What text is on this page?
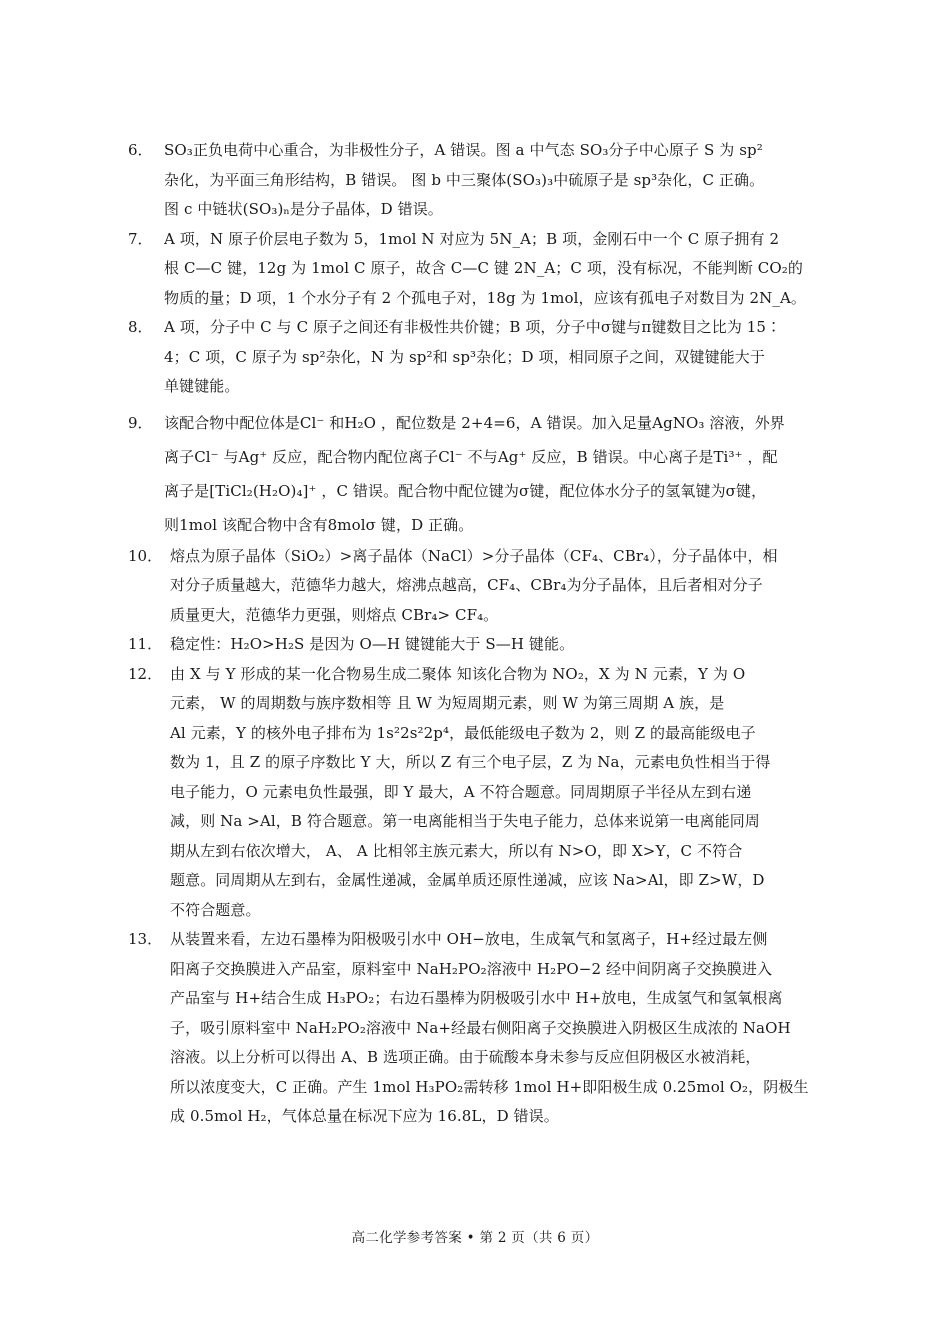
6． SO₃正负电荷中心重合，为非极性分子，A 错误。图 a 中气态 SO₃分子中心原子 S 为 sp²
杂化，为平面三角形结构，B 错误。 图 b 中三聚体(SO₃)₃中硫原子是 sp³杂化，C 正确。
图 c 中链状(SO₃)ₙ是分子晶体，D 错误。
7． A 项，N 原子价层电子数为 5，1mol N 对应为 5N_A；B 项，金刚石中一个 C 原子拥有 2
根 C—C 键，12g 为 1mol C 原子，故含 C—C 键 2N_A；C 项，没有标况，不能判断 CO₂的
物质的量；D 项，1 个水分子有 2 个孤电子对，18g 为 1mol，应该有孤电子对数目为 2N_A。
8． A 项，分子中 C 与 C 原子之间还有非极性共价键；B 项，分子中σ键与π键数目之比为 15∶
4；C 项，C 原子为 sp²杂化，N 为 sp²和 sp³杂化；D 项，相同原子之间，双键键能大于
单键键能。
9． 该配合物中配位体是Cl⁻ 和H₂O ，配位数是 2+4=6，A 错误。加入足量AgNO₃ 溶液，外界
离子Cl⁻ 与Ag⁺ 反应，配合物内配位离子Cl⁻ 不与Ag⁺ 反应，B 错误。中心离子是Ti³⁺ ，配
离子是[TiCl₂(H₂O)₄]⁺ ，C 错误。配合物中配位键为σ键，配位体水分子的氢氧键为σ键，
则1mol 该配合物中含有8molσ 键，D 正确。
10． 熔点为原子晶体（SiO₂）>离子晶体（NaCl）>分子晶体（CF₄、CBr₄），分子晶体中，相
对分子质量越大，范德华力越大，熔沸点越高，CF₄、CBr₄为分子晶体，且后者相对分子
质量更大，范德华力更强，则熔点 CBr₄> CF₄。
11． 稳定性：H₂O>H₂S 是因为 O—H 键键能大于 S—H 键能。
12． 由 X 与 Y 形成的某一化合物易生成二聚体 知该化合物为 NO₂，X 为 N 元素，Y 为 O
元素， W 的周期数与族序数相等 且 W 为短周期元素，则 W 为第三周期 A 族，是
Al 元素，Y 的核外电子排布为 1s²2s²2p⁴，最低能级电子数为 2，则 Z 的最高能级电子
数为 1，且 Z 的原子序数比 Y 大，所以 Z 有三个电子层，Z 为 Na，元素电负性相当于得
电子能力，O 元素电负性最强，即 Y 最大，A 不符合题意。同周期原子半径从左到右递
减，则 Na >Al，B 符合题意。第一电离能相当于失电子能力，总体来说第一电离能同周
期从左到右依次增大， A、 A 比相邻主族元素大，所以有 N>O，即 X>Y，C 不符合
题意。同周期从左到右，金属性递减，金属单质还原性递减，应该 Na>Al，即 Z>W，D
不符合题意。
13． 从装置来看，左边石墨棒为阳极吸引水中 OH−放电，生成氧气和氢离子，H+经过最左侧
阳离子交换膜进入产品室，原料室中 NaH₂PO₂溶液中 H₂PO−2 经中间阴离子交换膜进入
产品室与 H+结合生成 H₃PO₂；右边石墨棒为阴极吸引水中 H+放电，生成氢气和氢氧根离
子，吸引原料室中 NaH₂PO₂溶液中 Na+经最右侧阳离子交换膜进入阴极区生成浓的 NaOH
溶液。以上分析可以得出 A、B 选项正确。由于硫酸本身未参与反应但阴极区水被消耗，
所以浓度变大，C 正确。产生 1mol H₃PO₂需转移 1mol H+即阳极生成 0.25mol O₂，阴极生
成 0.5mol H₂，气体总量在标况下应为 16.8L，D 错误。
高二化学参考答案 • 第 2 页（共 6 页）
